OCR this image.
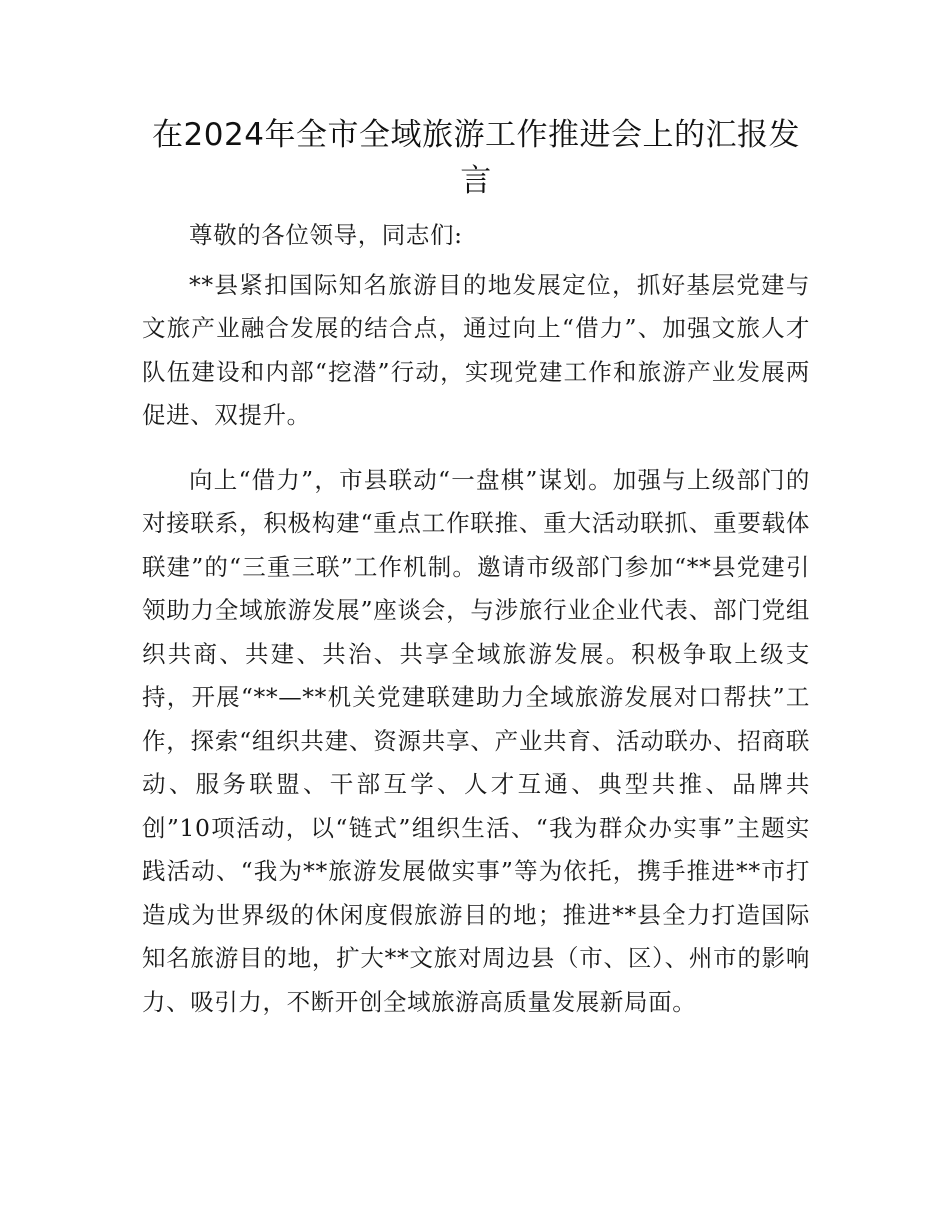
在2024年全市全域旅游工作推进会上的汇报发言

尊敬的各位领导，同志们:

**县紧扣国际知名旅游目的地发展定位，抓好基层党建与文旅产业融合发展的结合点，通过向上“借力”、加强文旅人才队伍建设和内部“挖潜”行动，实现党建工作和旅游产业发展两促进、双提升。

向上“借力”，市县联动“一盘棋”谋划。加强与上级部门的对接联系，积极构建“重点工作联推、重大活动联抓、重要载体联建”的“三重三联”工作机制。邀请市级部门参加“**县党建引领助力全域旅游发展”座谈会，与涉旅行业企业代表、部门党组织共商、共建、共治、共享全域旅游发展。积极争取上级支持，开展“**—**机关党建联建助力全域旅游发展对口帮扶”工作，探索“组织共建、资源共享、产业共育、活动联办、招商联动、服务联盟、干部互学、人才互通、典型共推、品牌共创”10项活动，以“链式”组织生活、“我为群众办实事”主题实践活动、“我为**旅游发展做实事”等为依托，携手推进**市打造成为世界级的休闲度假旅游目的地；推进**县全力打造国际知名旅游目的地，扩大**文旅对周边县（市、区）、州市的影响力、吸引力，不断开创全域旅游高质量发展新局面。
